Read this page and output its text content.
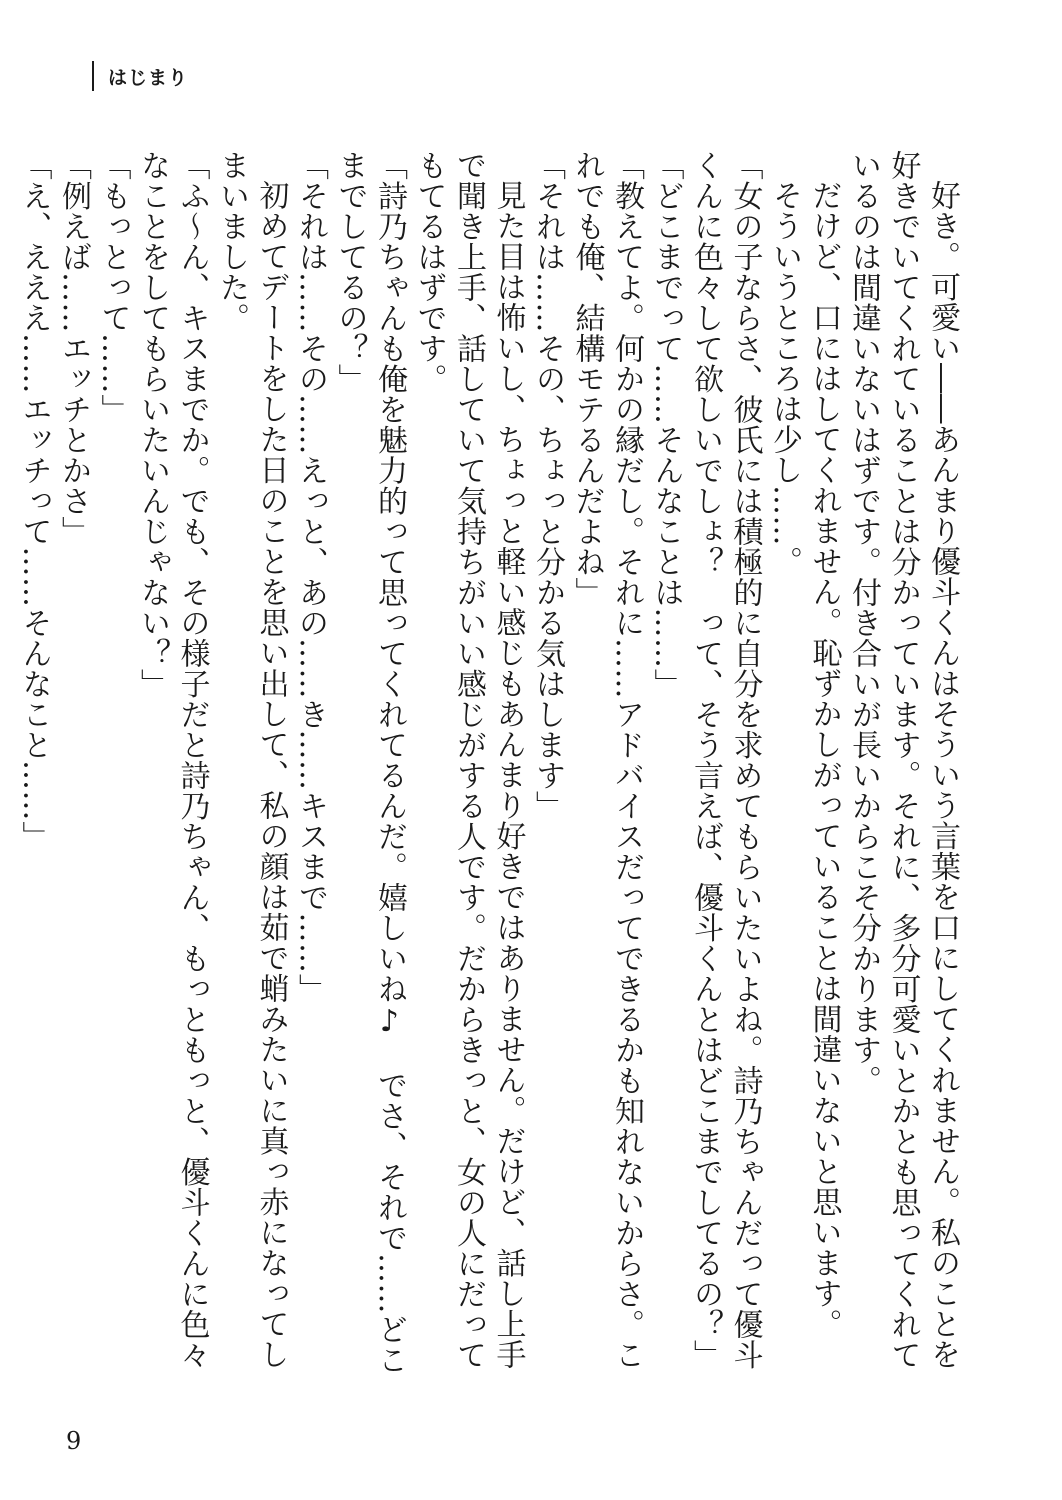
はじまり

好き。可愛い――あんまり優斗くんはそういう言葉を口にしてくれません。私のことを好きでいてくれていることは分かっています。それに、多分可愛いとかとも思ってくれているのは間違いないはずです。付き合いが長いからこそ分かります。

だけど、口にはしてくれません。恥ずかしがっていることは間違いないと思います。

そういうところは少し……。

「女の子ならさ、彼氏には積極的に自分を求めてもらいたいよね。詩乃ちゃんだって優斗くんに色々して欲しいでしょ？　って、そう言えば、優斗くんとはどこまでしてるの？」

「どこまでって……そんなことは……」

「教えてよ。何かの縁だし。それに……アドバイスだってできるかも知れないからさ。これでも俺、結構モテるんだよね」

「それは……その、ちょっと分かる気はします」

見た目は怖いし、ちょっと軽い感じもあんまり好きではありません。だけど、話し上手で聞き上手、話していて気持ちがいい感じがする人です。だからきっと、女の人にだってもてるはずです。

「詩乃ちゃんも俺を魅力的って思ってくれてるんだ。嬉しいね♪　でさ、それで……どこまでしてるの？」

「それは……その……えっと、あの……き……キスまで……」

初めてデートをした日のことを思い出して、私の顔は茹で蛸みたいに真っ赤になってしまいました。

「ふ〜ん、キスまでか。でも、その様子だと詩乃ちゃん、もっともっと、優斗くんに色々なことをしてもらいたいんじゃない？」

「もっとって……」

「例えば……エッチとかさ」

「え、えええ……エッチって……そんなこと……」

9
